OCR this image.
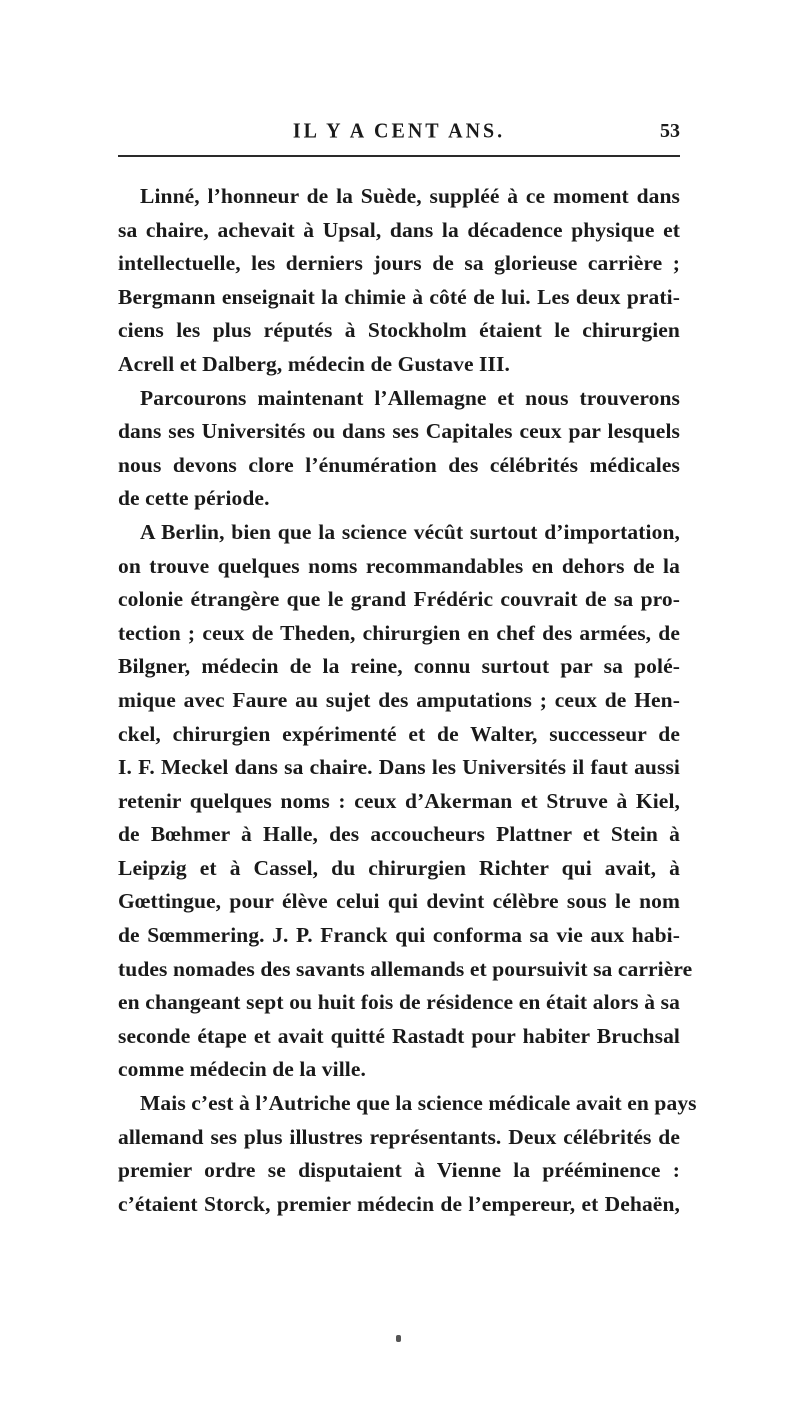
IL Y A CENT ANS.	53
Linné, l’honneur de la Suède, suppléé à ce moment dans
sa chaire, achevait à Upsal, dans la décadence physique et
intellectuelle, les derniers jours de sa glorieuse carrière ;
Bergmann enseignait la chimie à côté de lui. Les deux prati-
ciens les plus réputés à Stockholm étaient le chirurgien
Acrell et Dalberg, médecin de Gustave III.
Parcourons maintenant l’Allemagne et nous trouverons
dans ses Universités ou dans ses Capitales ceux par lesquels
nous devons clore l’énumération des célébrités médicales
de cette période.
A Berlin, bien que la science vécût surtout d’importation,
on trouve quelques noms recommandables en dehors de la
colonie étrangère que le grand Frédéric couvrait de sa pro-
tection ; ceux de Theden, chirurgien en chef des armées, de
Bilgner, médecin de la reine, connu surtout par sa polé-
mique avec Faure au sujet des amputations ; ceux de Hen-
ckel, chirurgien expérimenté et de Walter, successeur de
I. F. Meckel dans sa chaire. Dans les Universités il faut aussi
retenir quelques noms : ceux d’Akerman et Struve à Kiel,
de Bœhmer à Halle, des accoucheurs Plattner et Stein à
Leipzig et à Cassel, du chirurgien Richter qui avait, à
Gœttingue, pour élève celui qui devint célèbre sous le nom
de Sœmmering. J. P. Franck qui conforma sa vie aux habi-
tudes nomades des savants allemands et poursuivit sa carrière
en changeant sept ou huit fois de résidence en était alors à sa
seconde étape et avait quitté Rastadt pour habiter Bruchsal
comme médecin de la ville.
Mais c’est à l’Autriche que la science médicale avait en pays
allemand ses plus illustres représentants. Deux célébrités de
premier ordre se disputaient à Vienne la prééminence :
c’étaient Storck, premier médecin de l’empereur, et Dehaën,
